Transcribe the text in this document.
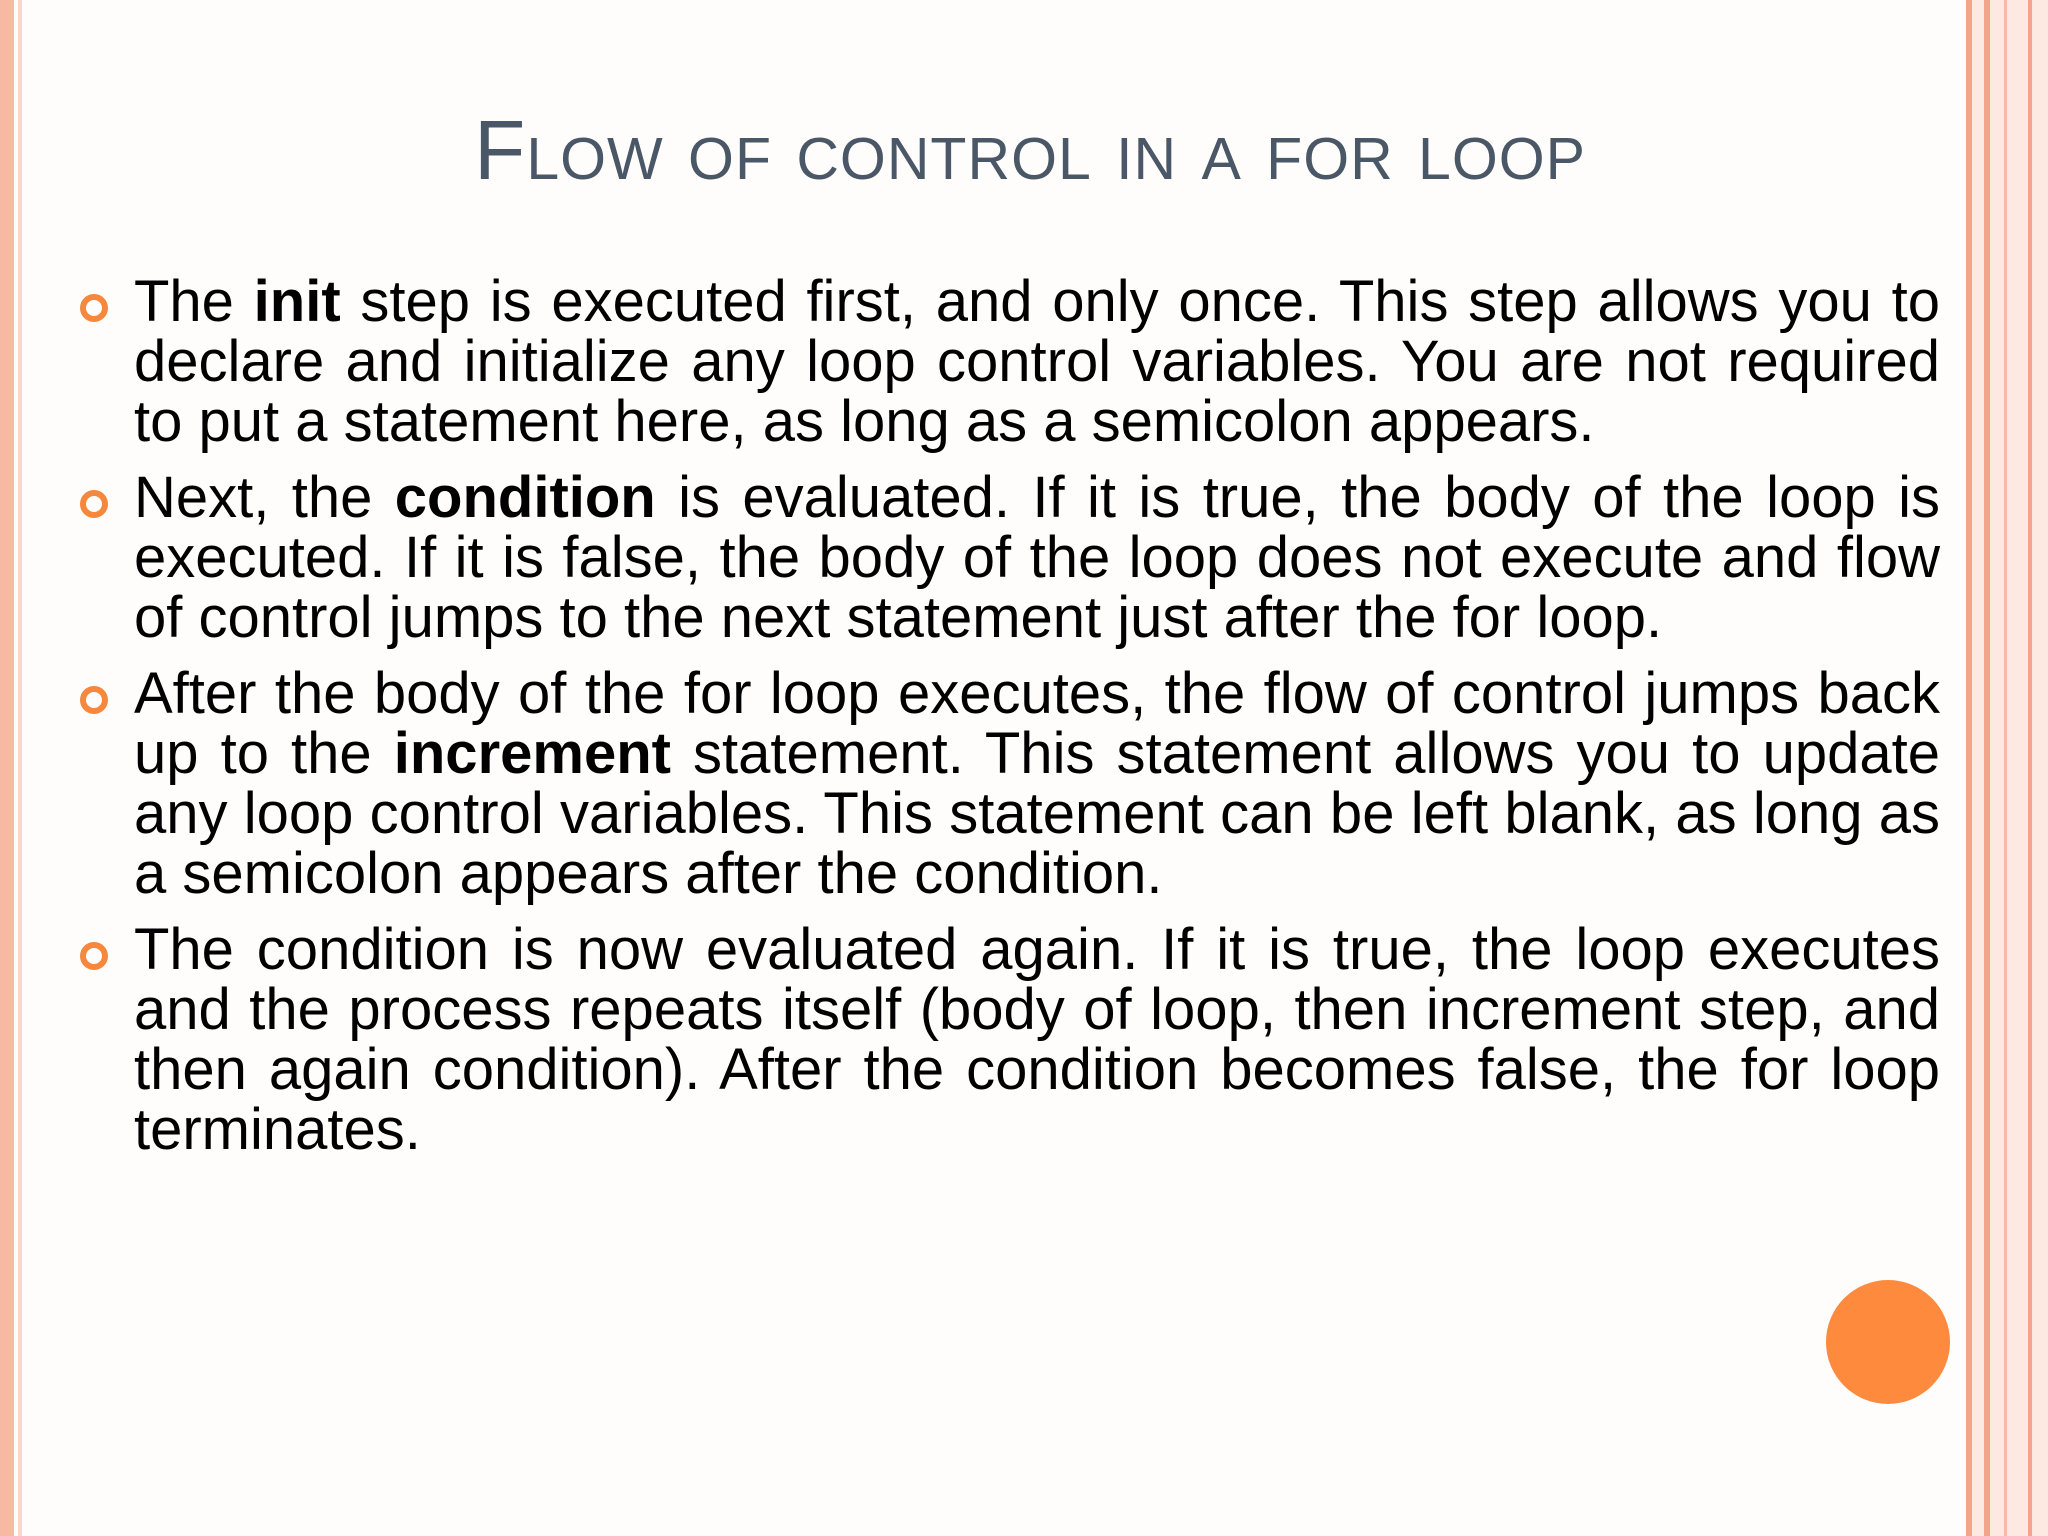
Flow of control in a for loop

The init step is executed first, and only once. This step allows you to declare and initialize any loop control variables. You are not required to put a statement here, as long as a semicolon appears.

Next, the condition is evaluated. If it is true, the body of the loop is executed. If it is false, the body of the loop does not execute and flow of control jumps to the next statement just after the for loop.

After the body of the for loop executes, the flow of control jumps back up to the increment statement. This statement allows you to update any loop control variables. This statement can be left blank, as long as a semicolon appears after the condition.

The condition is now evaluated again. If it is true, the loop executes and the process repeats itself (body of loop, then increment step, and then again condition). After the condition becomes false, the for loop terminates.
